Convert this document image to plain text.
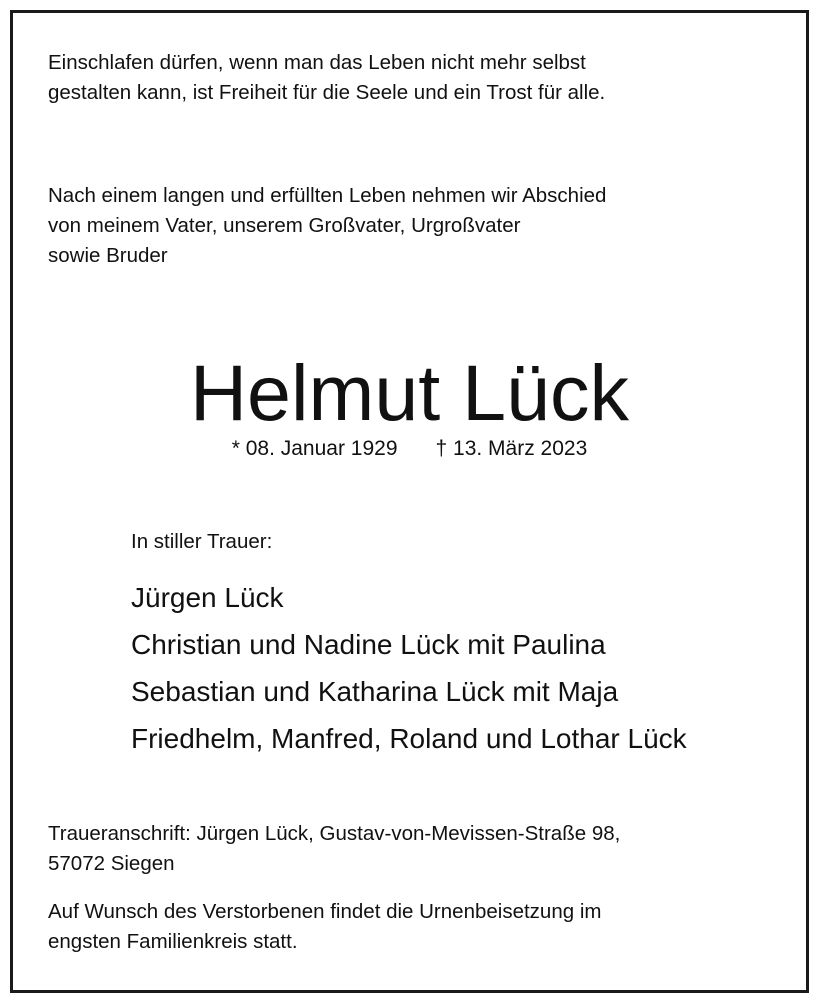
Einschlafen dürfen, wenn man das Leben nicht mehr selbst
gestalten kann, ist Freiheit für die Seele und ein Trost für alle.

Nach einem langen und erfüllten Leben nehmen wir Abschied
von meinem Vater, unserem Großvater, Urgroßvater
sowie Bruder

Helmut Lück
* 08. Januar 1929 † 13. März 2023
In stiller Trauer:
Jürgen Lück
Christian und Nadine Lück mit Paulina
Sebastian und Katharina Lück mit Maja
Friedhelm, Manfred, Roland und Lothar Lück

Traueranschrift: Jürgen Lück, Gustav-von-Mevissen-Straße 98,
57072 Siegen

Auf Wunsch des Verstorbenen findet die Urnenbeisetzung im
engsten Familienkreis statt.
